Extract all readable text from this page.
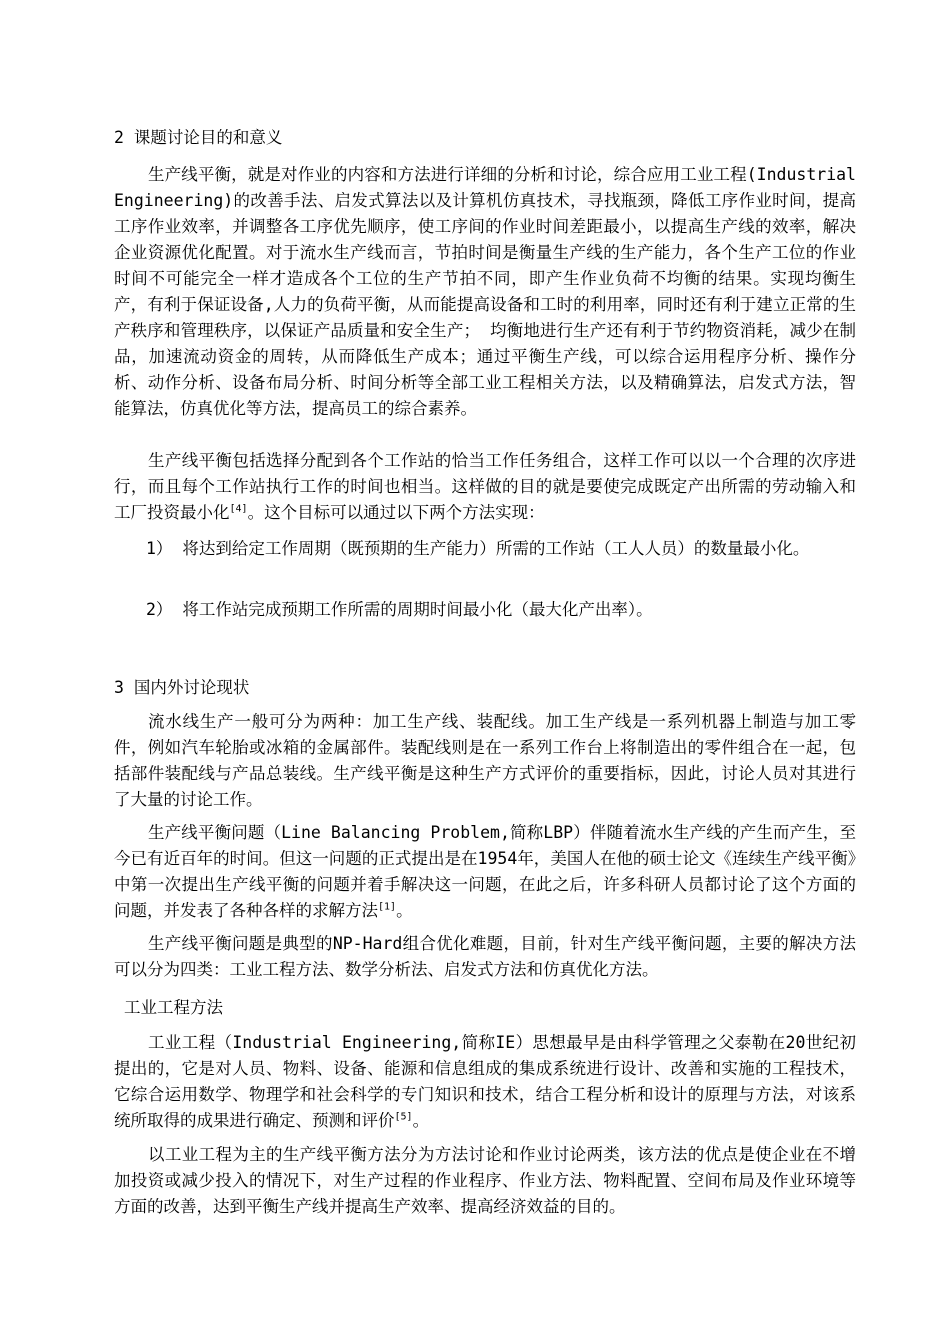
2 课题讨论目的和意义
生产线平衡，就是对作业的内容和方法进行详细的分析和讨论，综合应用工业工程(Industrial Engineering)的改善手法、启发式算法以及计算机仿真技术，寻找瓶颈，降低工序作业时间，提高工序作业效率，并调整各工序优先顺序，使工序间的作业时间差距最小，以提高生产线的效率，解决企业资源优化配置。对于流水生产线而言，节拍时间是衡量生产线的生产能力，各个生产工位的作业时间不可能完全一样才造成各个工位的生产节拍不同，即产生作业负荷不均衡的结果。实现均衡生产，有利于保证设备,人力的负荷平衡，从而能提高设备和工时的利用率，同时还有利于建立正常的生产秩序和管理秩序，以保证产品质量和安全生产； 均衡地进行生产还有利于节约物资消耗，减少在制品，加速流动资金的周转，从而降低生产成本；通过平衡生产线，可以综合运用程序分析、操作分析、动作分析、设备布局分析、时间分析等全部工业工程相关方法，以及精确算法，启发式方法，智能算法，仿真优化等方法，提高员工的综合素养。
生产线平衡包括选择分配到各个工作站的恰当工作任务组合，这样工作可以以一个合理的次序进行，而且每个工作站执行工作的时间也相当。这样做的目的就是要使完成既定产出所需的劳动输入和工厂投资最小化[4]。这个目标可以通过以下两个方法实现：
1） 将达到给定工作周期（既预期的生产能力）所需的工作站（工人人员）的数量最小化。
2） 将工作站完成预期工作所需的周期时间最小化（最大化产出率）。
3 国内外讨论现状
流水线生产一般可分为两种：加工生产线、装配线。加工生产线是一系列机器上制造与加工零件，例如汽车轮胎或冰箱的金属部件。装配线则是在一系列工作台上将制造出的零件组合在一起，包括部件装配线与产品总装线。生产线平衡是这种生产方式评价的重要指标，因此，讨论人员对其进行了大量的讨论工作。
生产线平衡问题（Line Balancing Problem,简称LBP）伴随着流水生产线的产生而产生，至今已有近百年的时间。但这一问题的正式提出是在1954年，美国人在他的硕士论文《连续生产线平衡》中第一次提出生产线平衡的问题并着手解决这一问题，在此之后，许多科研人员都讨论了这个方面的问题，并发表了各种各样的求解方法[1]。
生产线平衡问题是典型的NP-Hard组合优化难题，目前，针对生产线平衡问题，主要的解决方法可以分为四类：工业工程方法、数学分析法、启发式方法和仿真优化方法。
工业工程方法
工业工程（Industrial Engineering,简称IE）思想最早是由科学管理之父泰勒在20世纪初提出的，它是对人员、物料、设备、能源和信息组成的集成系统进行设计、改善和实施的工程技术，它综合运用数学、物理学和社会科学的专门知识和技术，结合工程分析和设计的原理与方法，对该系统所取得的成果进行确定、预测和评价[5]。
以工业工程为主的生产线平衡方法分为方法讨论和作业讨论两类，该方法的优点是使企业在不增加投资或减少投入的情况下，对生产过程的作业程序、作业方法、物料配置、空间布局及作业环境等方面的改善，达到平衡生产线并提高生产效率、提高经济效益的目的。
